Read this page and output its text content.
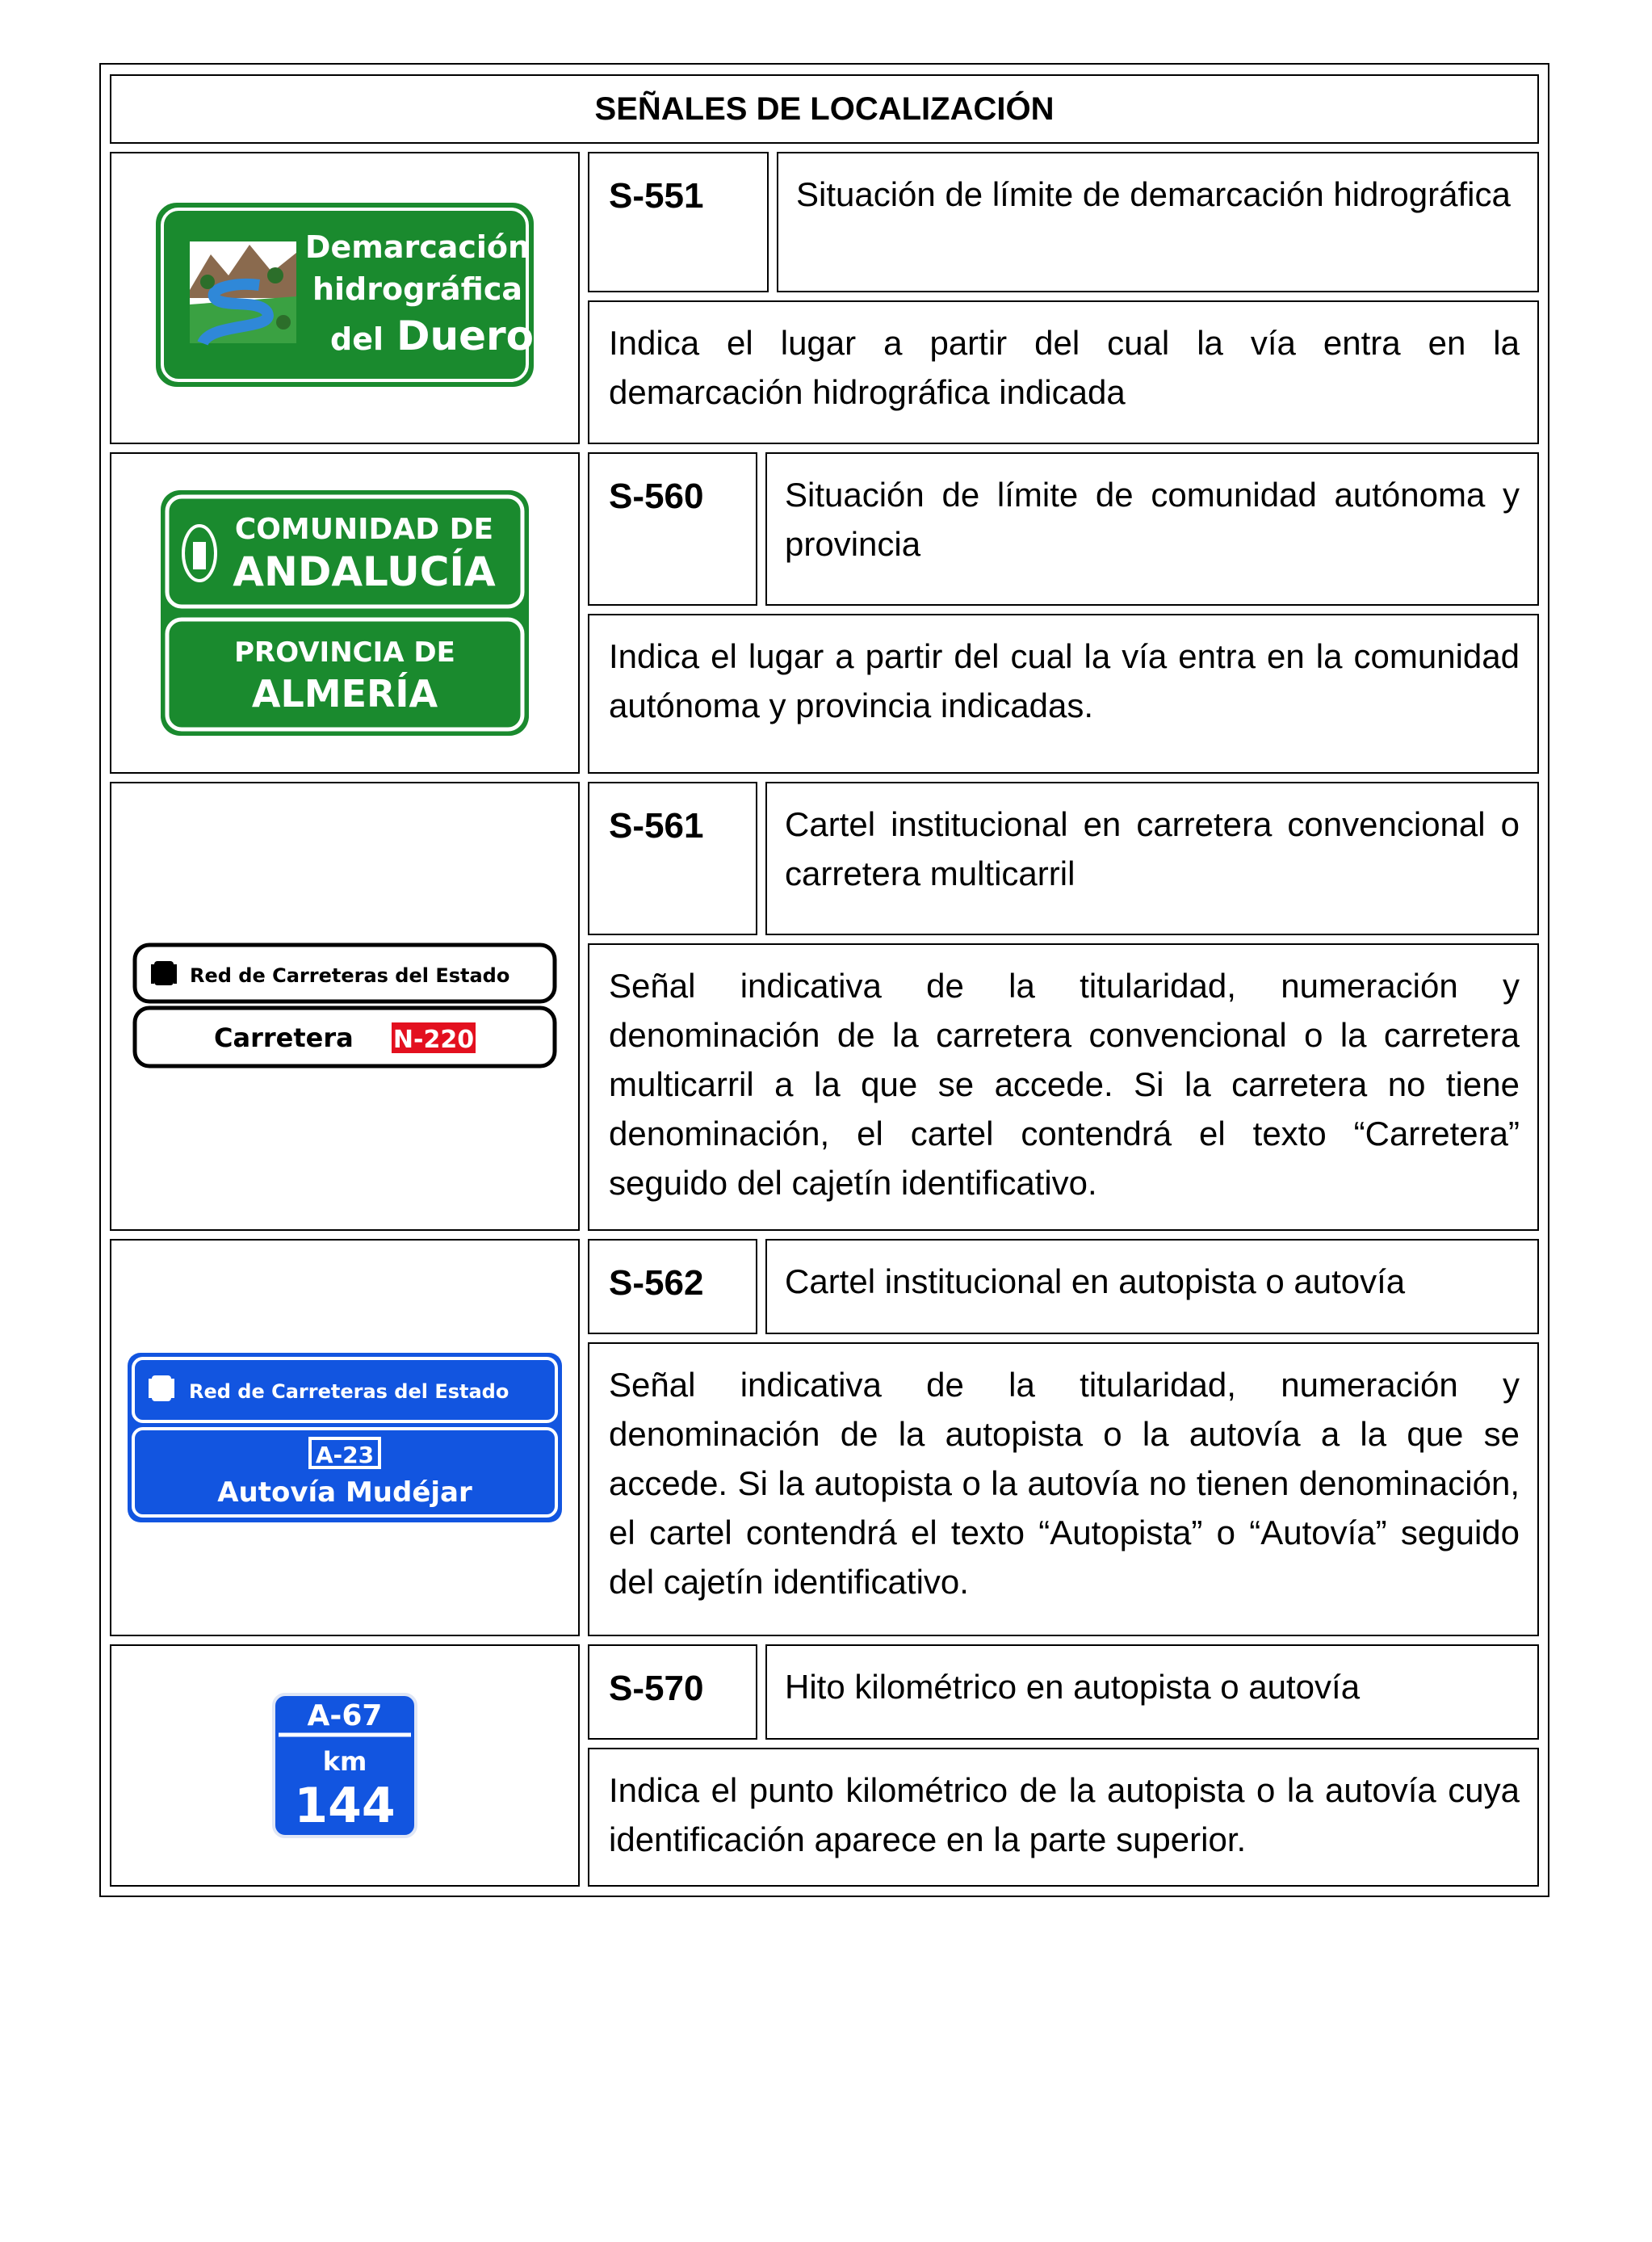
SEÑALES DE LOCALIZACIÓN
Demarcación
hidrográfica
del Duero
S-551	Situación de límite de demarcación hidrográfica
Indica el lugar a partir del cual la vía entra en la demarcación hidrográfica indicada
COMUNIDAD DE
ANDALUCÍA
PROVINCIA DE
ALMERÍA
S-560	Situación de límite de comunidad autónoma y provincia
Indica el lugar a partir del cual la vía entra en la comunidad autónoma y provincia indicadas.
Red de Carreteras del Estado
Carretera N-220
S-561	Cartel institucional en carretera convencional o carretera multicarril
Señal indicativa de la titularidad, numeración y denominación de la carretera convencional o la carretera multicarril a la que se accede. Si la carretera no tiene denominación, el cartel contendrá el texto “Carretera” seguido del cajetín identificativo.
Red de Carreteras del Estado
A-23
Autovía Mudéjar
S-562	Cartel institucional en autopista o autovía
Señal indicativa de la titularidad, numeración y denominación de la autopista o la autovía a la que se accede. Si la autopista o la autovía no tienen denominación, el cartel contendrá el texto “Autopista” o “Autovía” seguido del cajetín identificativo.
A-67
km
144
S-570	Hito kilométrico en autopista o autovía
Indica el punto kilométrico de la autopista o la autovía cuya identificación aparece en la parte superior.
